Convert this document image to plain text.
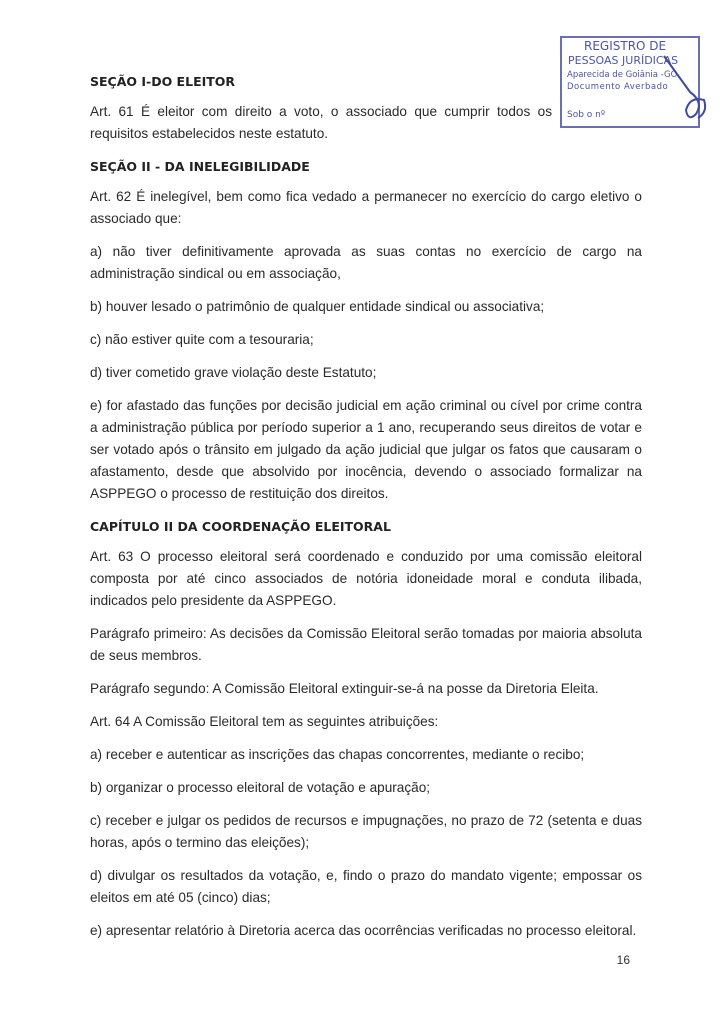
REGISTRO DE
PESSOAS JURÍDICAS
Aparecida de Goiânia -GO
Documento Averbado
Sob o nº
SEÇÃO I-DO ELEITOR
Art. 61 É eleitor com direito a voto, o associado que cumprir todos os requisitos estabelecidos neste estatuto.
SEÇÃO II - DA INELEGIBILIDADE
Art. 62 É inelegível, bem como fica vedado a permanecer no exercício do cargo eletivo o associado que:
a) não tiver definitivamente aprovada as suas contas no exercício de cargo na administração sindical ou em associação,
b) houver lesado o patrimônio de qualquer entidade sindical ou associativa;
c) não estiver quite com a tesouraria;
d) tiver cometido grave violação deste Estatuto;
e) for afastado das funções por decisão judicial em ação criminal ou cível por crime contra a administração pública por período superior a 1 ano, recuperando seus direitos de votar e ser votado após o trânsito em julgado da ação judicial que julgar os fatos que causaram o afastamento, desde que absolvido por inocência, devendo o associado formalizar na ASPPEGO o processo de restituição dos direitos.
CAPÍTULO II DA COORDENAÇÃO ELEITORAL
Art. 63 O processo eleitoral será coordenado e conduzido por uma comissão eleitoral composta por até cinco associados de notória idoneidade moral e conduta ilibada, indicados pelo presidente da ASPPEGO.
Parágrafo primeiro: As decisões da Comissão Eleitoral serão tomadas por maioria absoluta de seus membros.
Parágrafo segundo: A Comissão Eleitoral extinguir-se-á na posse da Diretoria Eleita.
Art. 64 A Comissão Eleitoral tem as seguintes atribuições:
a) receber e autenticar as inscrições das chapas concorrentes, mediante o recibo;
b) organizar o processo eleitoral de votação e apuração;
c) receber e julgar os pedidos de recursos e impugnações, no prazo de 72 (setenta e duas horas, após o termino das eleições);
d) divulgar os resultados da votação, e, findo o prazo do mandato vigente; empossar os eleitos em até 05 (cinco) dias;
e) apresentar relatório à Diretoria acerca das ocorrências verificadas no processo eleitoral.
16
